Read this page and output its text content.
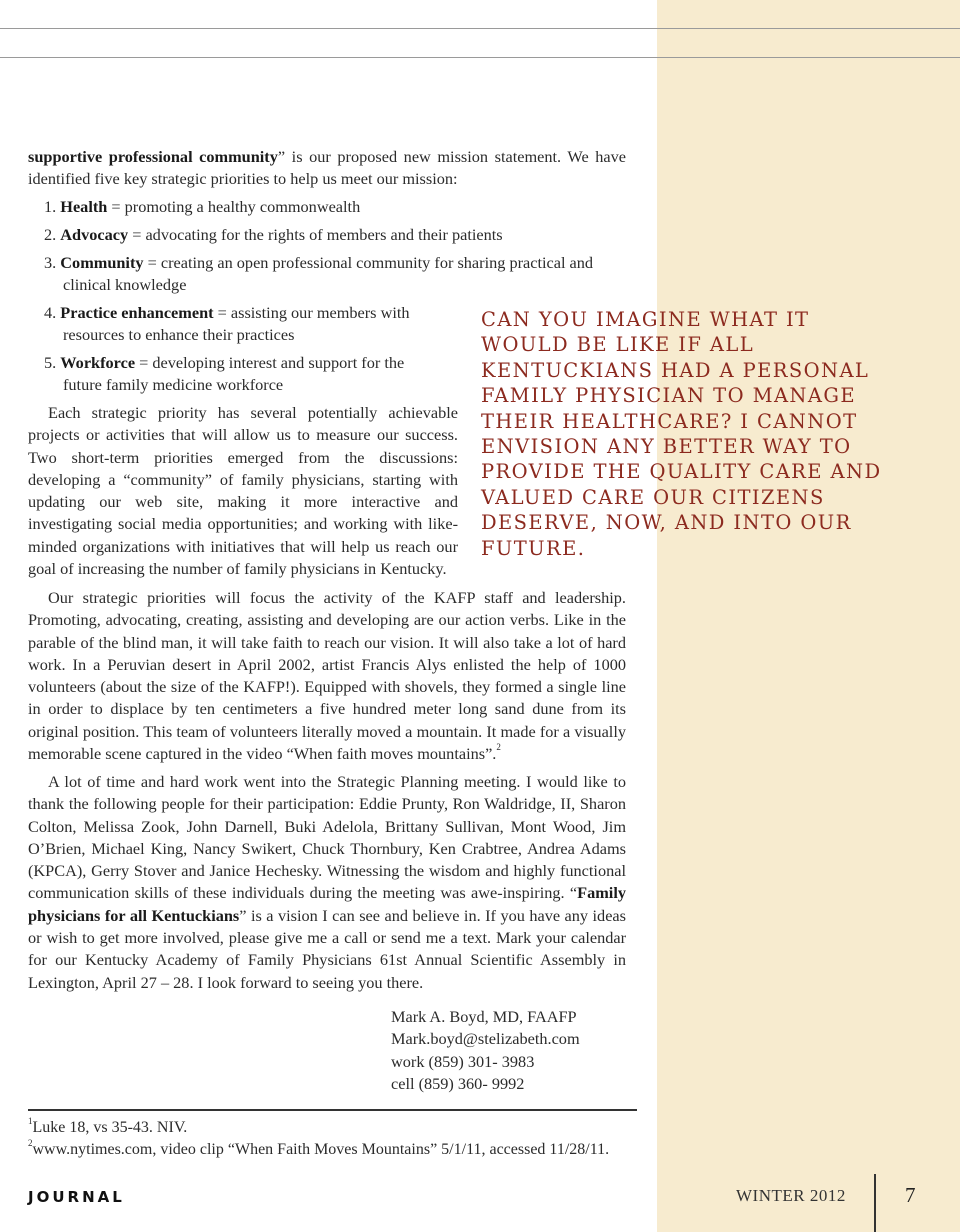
supportive professional community” is our proposed new mission statement. We have identified five key strategic priorities to help us meet our mission:

1. Health = promoting a healthy commonwealth
2. Advocacy = advocating for the rights of members and their patients
3. Community = creating an open professional community for sharing practical and
clinical knowledge
4. Practice enhancement = assisting our members with
resources to enhance their practices
5. Workforce = developing interest and support for the
future family medicine workforce

Each strategic priority has several potentially achievable projects or activities that will allow us to measure our success. Two short-term priorities emerged from the discussions: developing a “community” of family physicians, starting with updating our web site, making it more interactive and investigating social media opportunities; and working with like-minded organizations with initiatives that will help us reach our goal of increasing the number of family physicians in Kentucky.

CAN YOU IMAGINE WHAT IT WOULD BE LIKE IF ALL KENTUCKIANS HAD A PERSONAL FAMILY PHYSICIAN TO MANAGE THEIR HEALTHCARE? I CANNOT ENVISION ANY BETTER WAY TO PROVIDE THE QUALITY CARE AND VALUED CARE OUR CITIZENS DESERVE, NOW, AND INTO OUR FUTURE.

Our strategic priorities will focus the activity of the KAFP staff and leadership. Promoting, advocating, creating, assisting and developing are our action verbs. Like in the parable of the blind man, it will take faith to reach our vision. It will also take a lot of hard work. In a Peruvian desert in April 2002, artist Francis Alys enlisted the help of 1000 volunteers (about the size of the KAFP!). Equipped with shovels, they formed a single line in order to displace by ten centimeters a five hundred meter long sand dune from its original position. This team of volunteers literally moved a mountain. It made for a visually memorable scene captured in the video “When faith moves mountains”.$^2$

A lot of time and hard work went into the Strategic Planning meeting. I would like to thank the following people for their participation: Eddie Prunty, Ron Waldridge, II, Sharon Colton, Melissa Zook, John Darnell, Buki Adelola, Brittany Sullivan, Mont Wood, Jim O’Brien, Michael King, Nancy Swikert, Chuck Thornbury, Ken Crabtree, Andrea Adams (KPCA), Gerry Stover and Janice Hechesky. Witnessing the wisdom and highly functional communication skills of these individuals during the meeting was awe-inspiring. “Family physicians for all Kentuckians” is a vision I can see and believe in. If you have any ideas or wish to get more involved, please give me a call or send me a text. Mark your calendar for our Kentucky Academy of Family Physicians 61st Annual Scientific Assembly in Lexington, April 27 – 28. I look forward to seeing you there.

Mark A. Boyd, MD, FAAFP
Mark.boyd@stelizabeth.com
work (859) 301- 3983
cell (859) 360- 9992

$^1$Luke 18, vs 35-43. NIV.

$^2$www.nytimes.com, video clip “When Faith Moves Mountains” 5/1/11, accessed 11/28/11.

JOURNAL	WINTER 2012	7
